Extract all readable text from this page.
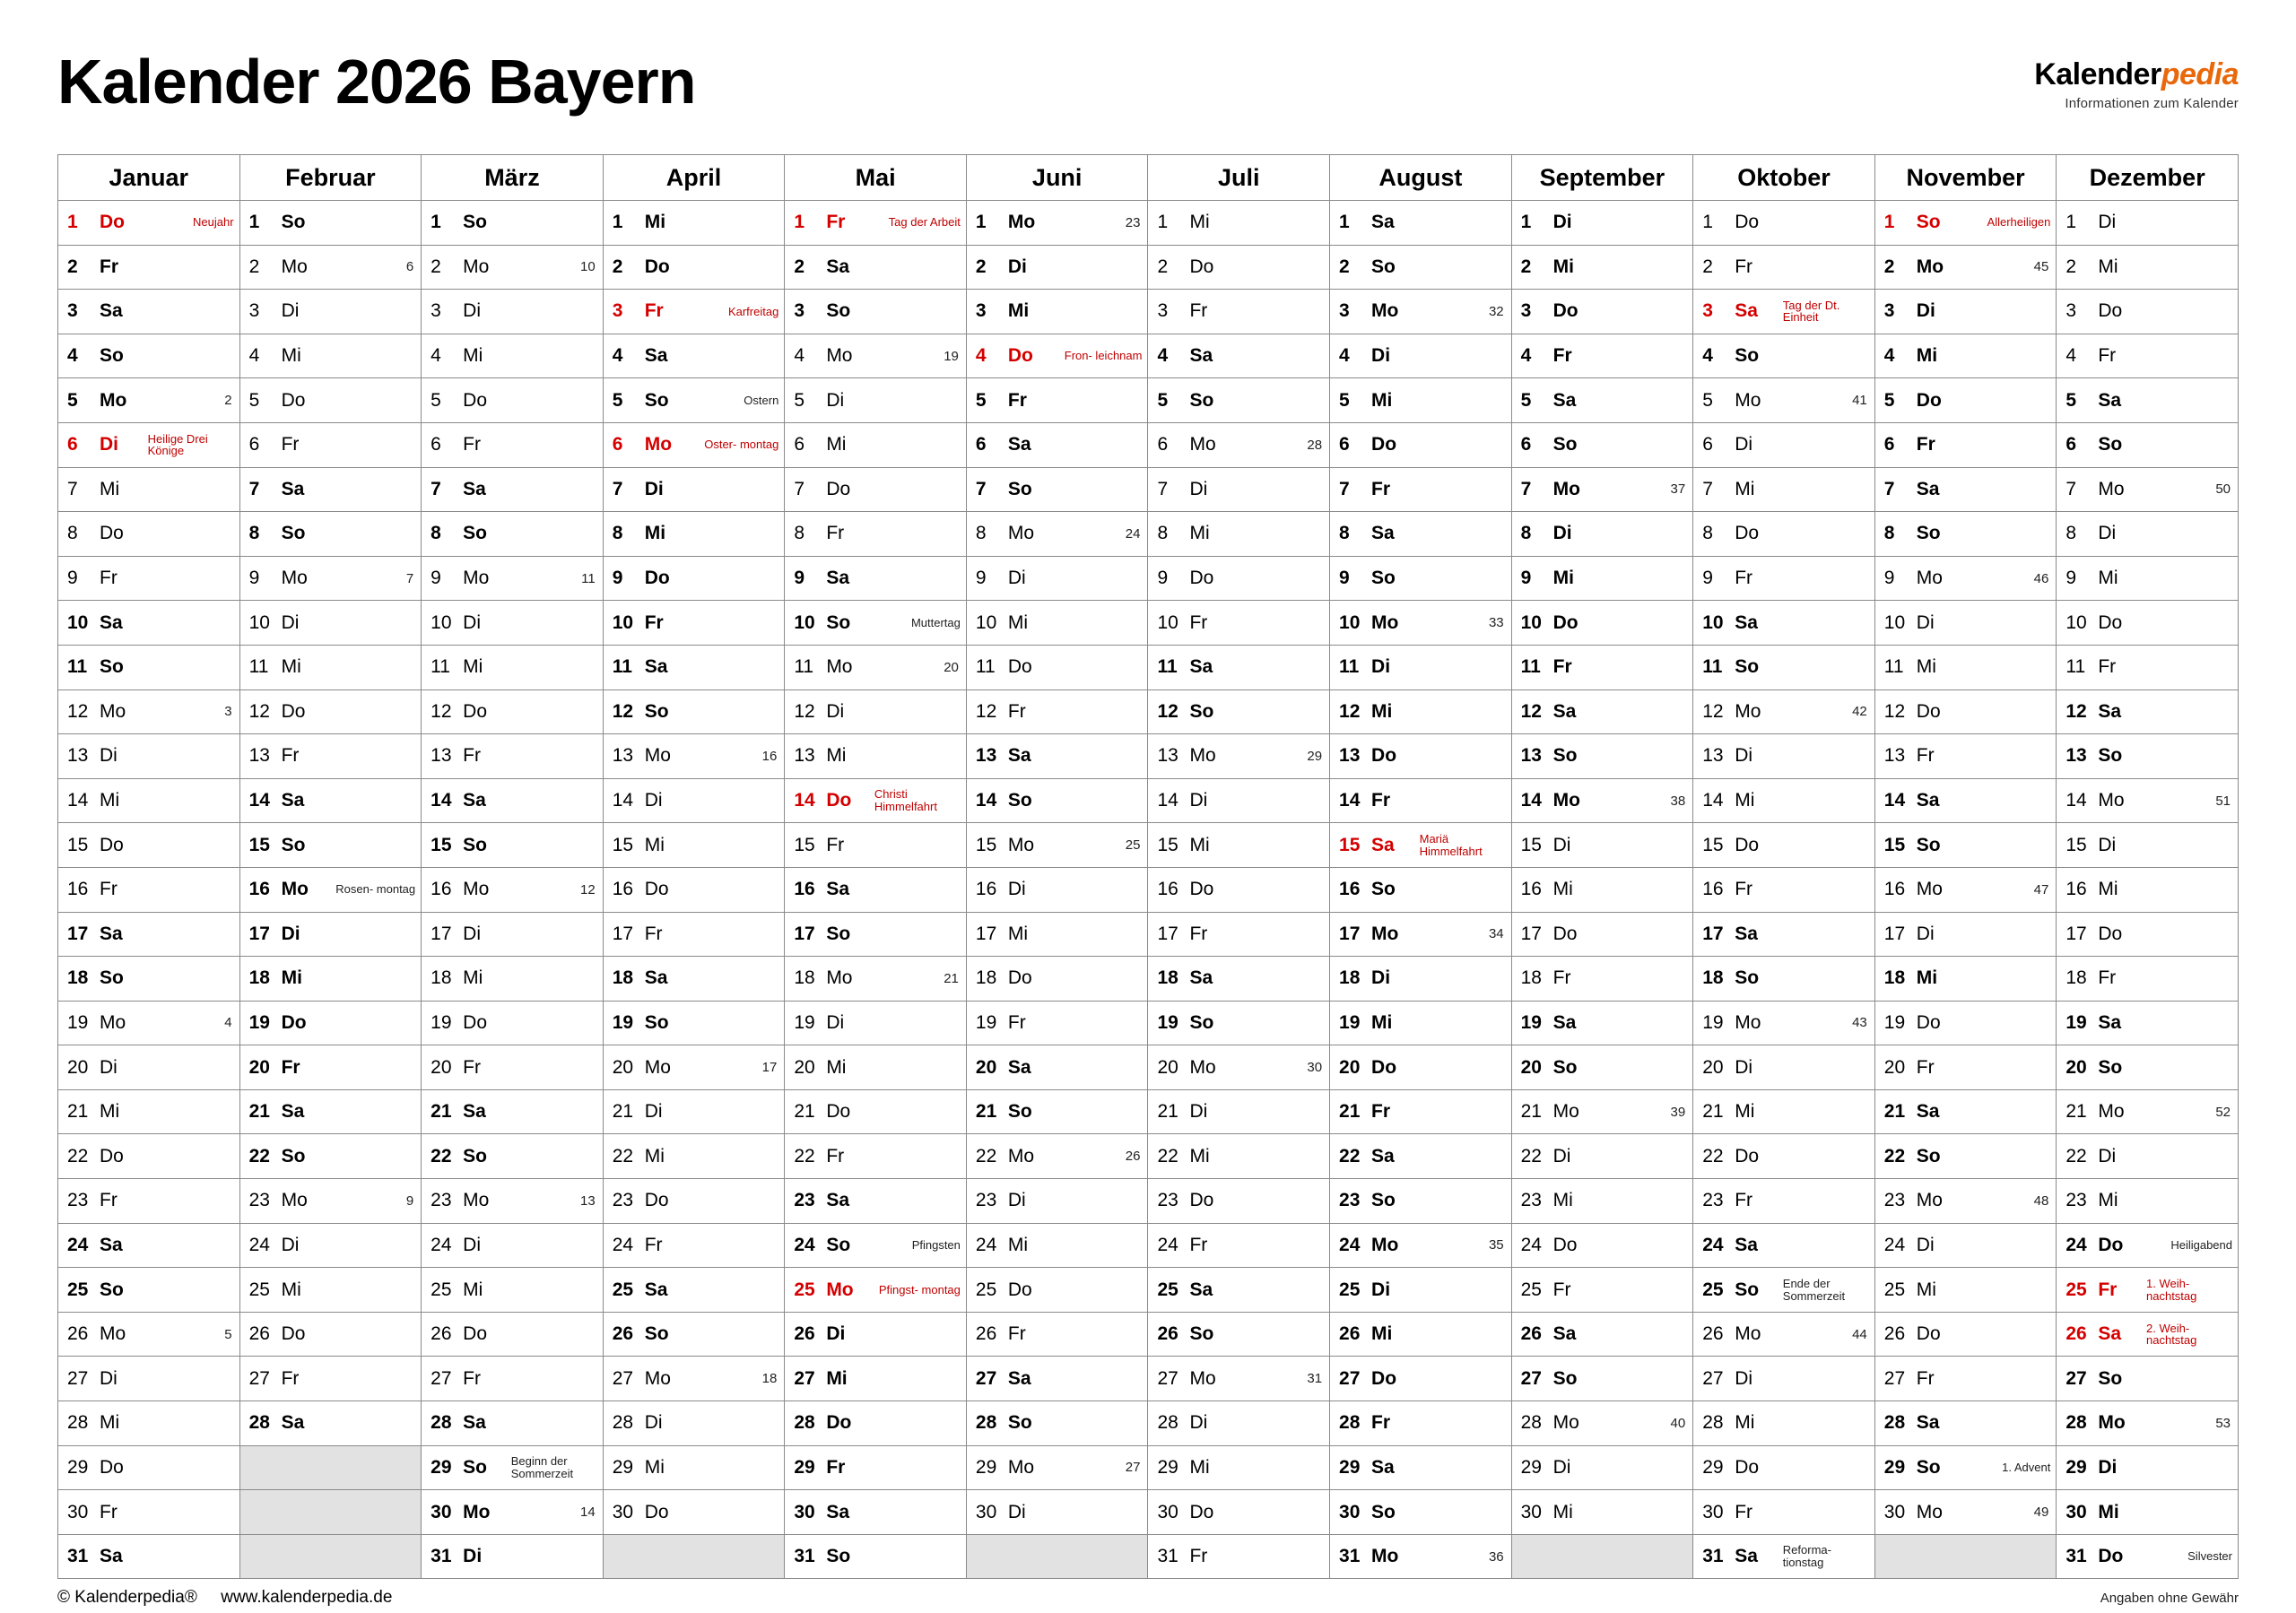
Kalender 2026 Bayern	Kalenderpedia
Informationen zum Kalender
Januar	Februar	März	April	Mai	Juni	Juli	August	September	Oktober	November	Dezember

1 Do Neujahr	1 So	1 So	1 Mi	1 Fr Tag der Arbeit	1 Mo 23	1 Mi	1 Sa	1 Di	1 Do	1 So Allerheiligen	1 Di

2 Fr	2 Mo 6	2 Mo 10	2 Do	2 Sa	2 Di	2 Do	2 So	2 Mi	2 Fr	2 Mo 45	2 Mi

3 Sa	3 Di	3 Di	3 Fr Karfreitag	3 So	3 Mi	3 Fr	3 Mo 32	3 Do	3 Sa Tag der Dt. Einheit	3 Di	3 Do

4 So	4 Mi	4 Mi	4 Sa	4 Mo 19	4 Do Fron- leichnam	4 Sa	4 Di	4 Fr	4 So	4 Mi	4 Fr

5 Mo 2	5 Do	5 Do	5 So Ostern	5 Di	5 Fr	5 So	5 Mi	5 Sa	5 Mo 41	5 Do	5 Sa

6 Di Heilige Drei Könige	6 Fr	6 Fr	6 Mo Oster- montag	6 Mi	6 Sa	6 Mo 28	6 Do	6 So	6 Di	6 Fr	6 So

7 Mi	7 Sa	7 Sa	7 Di	7 Do	7 So	7 Di	7 Fr	7 Mo 37	7 Mi	7 Sa	7 Mo 50

8 Do	8 So	8 So	8 Mi	8 Fr	8 Mo 24	8 Mi	8 Sa	8 Di	8 Do	8 So	8 Di

9 Fr	9 Mo 7	9 Mo 11	9 Do	9 Sa	9 Di	9 Do	9 So	9 Mi	9 Fr	9 Mo 46	9 Mi

10 Sa	10 Di	10 Di	10 Fr	10 So Muttertag	10 Mi	10 Fr	10 Mo 33	10 Do	10 Sa	10 Di	10 Do

11 So	11 Mi	11 Mi	11 Sa	11 Mo 20	11 Do	11 Sa	11 Di	11 Fr	11 So	11 Mi	11 Fr

12 Mo 3	12 Do	12 Do	12 So	12 Di	12 Fr	12 So	12 Mi	12 Sa	12 Mo 42	12 Do	12 Sa

13 Di	13 Fr	13 Fr	13 Mo 16	13 Mi	13 Sa	13 Mo 29	13 Do	13 So	13 Di	13 Fr	13 So

14 Mi	14 Sa	14 Sa	14 Di	14 Do Christi Himmelfahrt	14 So	14 Di	14 Fr	14 Mo 38	14 Mi	14 Sa	14 Mo 51

15 Do	15 So	15 So	15 Mi	15 Fr	15 Mo 25	15 Mi	15 Sa Mariä Himmelfahrt	15 Di	15 Do	15 So	15 Di

16 Fr	16 Mo Rosen- montag	16 Mo 12	16 Do	16 Sa	16 Di	16 Do	16 So	16 Mi	16 Fr	16 Mo 47	16 Mi

17 Sa	17 Di	17 Di	17 Fr	17 So	17 Mi	17 Fr	17 Mo 34	17 Do	17 Sa	17 Di	17 Do

18 So	18 Mi	18 Mi	18 Sa	18 Mo 21	18 Do	18 Sa	18 Di	18 Fr	18 So	18 Mi	18 Fr

19 Mo 4	19 Do	19 Do	19 So	19 Di	19 Fr	19 So	19 Mi	19 Sa	19 Mo 43	19 Do	19 Sa

20 Di	20 Fr	20 Fr	20 Mo 17	20 Mi	20 Sa	20 Mo 30	20 Do	20 So	20 Di	20 Fr	20 So

21 Mi	21 Sa	21 Sa	21 Di	21 Do	21 So	21 Di	21 Fr	21 Mo 39	21 Mi	21 Sa	21 Mo 52

22 Do	22 So	22 So	22 Mi	22 Fr	22 Mo 26	22 Mi	22 Sa	22 Di	22 Do	22 So	22 Di

23 Fr	23 Mo 9	23 Mo 13	23 Do	23 Sa	23 Di	23 Do	23 So	23 Mi	23 Fr	23 Mo 48	23 Mi

24 Sa	24 Di	24 Di	24 Fr	24 So Pfingsten	24 Mi	24 Fr	24 Mo 35	24 Do	24 Sa	24 Di	24 Do Heiligabend

25 So	25 Mi	25 Mi	25 Sa	25 Mo Pfingst- montag	25 Do	25 Sa	25 Di	25 Fr	25 So Ende der Sommerzeit	25 Mi	25 Fr 1. Weih- nachtstag

26 Mo 5	26 Do	26 Do	26 So	26 Di	26 Fr	26 So	26 Mi	26 Sa	26 Mo 44	26 Do	26 Sa 2. Weih- nachtstag

27 Di	27 Fr	27 Fr	27 Mo 18	27 Mi	27 Sa	27 Mo 31	27 Do	27 So	27 Di	27 Fr	27 So

28 Mi	28 Sa	28 Sa	28 Di	28 Do	28 So	28 Di	28 Fr	28 Mo 40	28 Mi	28 Sa	28 Mo 53

29 Do		29 So Beginn der Sommerzeit	29 Mi	29 Fr	29 Mo 27	29 Mi	29 Sa	29 Di	29 Do	29 So 1. Advent	29 Di

30 Fr		30 Mo 14	30 Do	30 Sa	30 Di	30 Do	30 So	30 Mi	30 Fr	30 Mo 49	30 Mi

31 Sa		31 Di		31 So		31 Fr	31 Mo 36		31 Sa Reforma- tionstag		31 Do Silvester
© Kalenderpedia® www.kalenderpedia.de	Angaben ohne Gewähr
